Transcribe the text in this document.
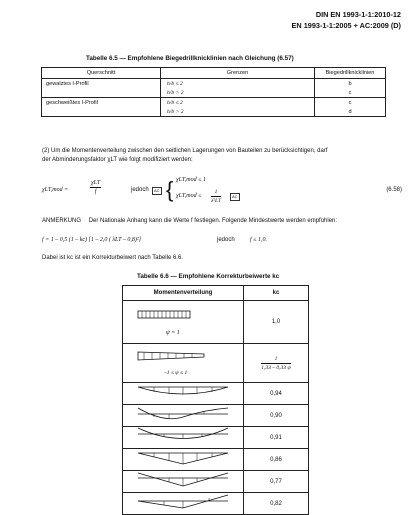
DIN EN 1993-1-1:2010-12
EN 1993-1-1:2005 + AC:2009 (D)
Tabelle 6.5 — Empfohlene Biegedrillknicklinien nach Gleichung (6.57)
Querschnitt	Grenzen	Biegedrillknicklinien
gewalztes I-Profil	h/b ≤ 2	b
	h/b > 2	c
geschweißtes I-Profil	h/b ≤ 2	c
	h/b > 2	d
(2) Um die Momentenverteilung zwischen den seitlichen Lagerungen von Bauteilen zu berücksichtigen, darf
der Abminderungsfaktor χLT wie folgt modifiziert werden:
χLT,mod =
χLT
f	jedoch	AC { χLT,mod ≤ 1
$\chi LT,mod \le \frac{1}{\text{λ̄²LT}}$	AC
(6.58)
ANMERKUNG Der Nationale Anhang kann die Werte f festlegen. Folgende Mindestwerte werden empfohlen:
f = 1 – 0,5 (1 – kc) [1 – 2,0 ( λ̄LT – 0,8)²]	jedoch	f ≤ 1,0.
Dabei ist kc ist ein Korrekturbeiwert nach Tabelle 6.6.
Tabelle 6.6 — Empfohlene Korrekturbeiwerte kc
Momentenverteilung	kc

ψ = 1	1,0

–1 ≤ ψ ≤ 1	$\frac{1}{1,33 - 0,33 \psi}$

	0,94
	0,90
	0,91
	0,86
	0,77
	0,82
